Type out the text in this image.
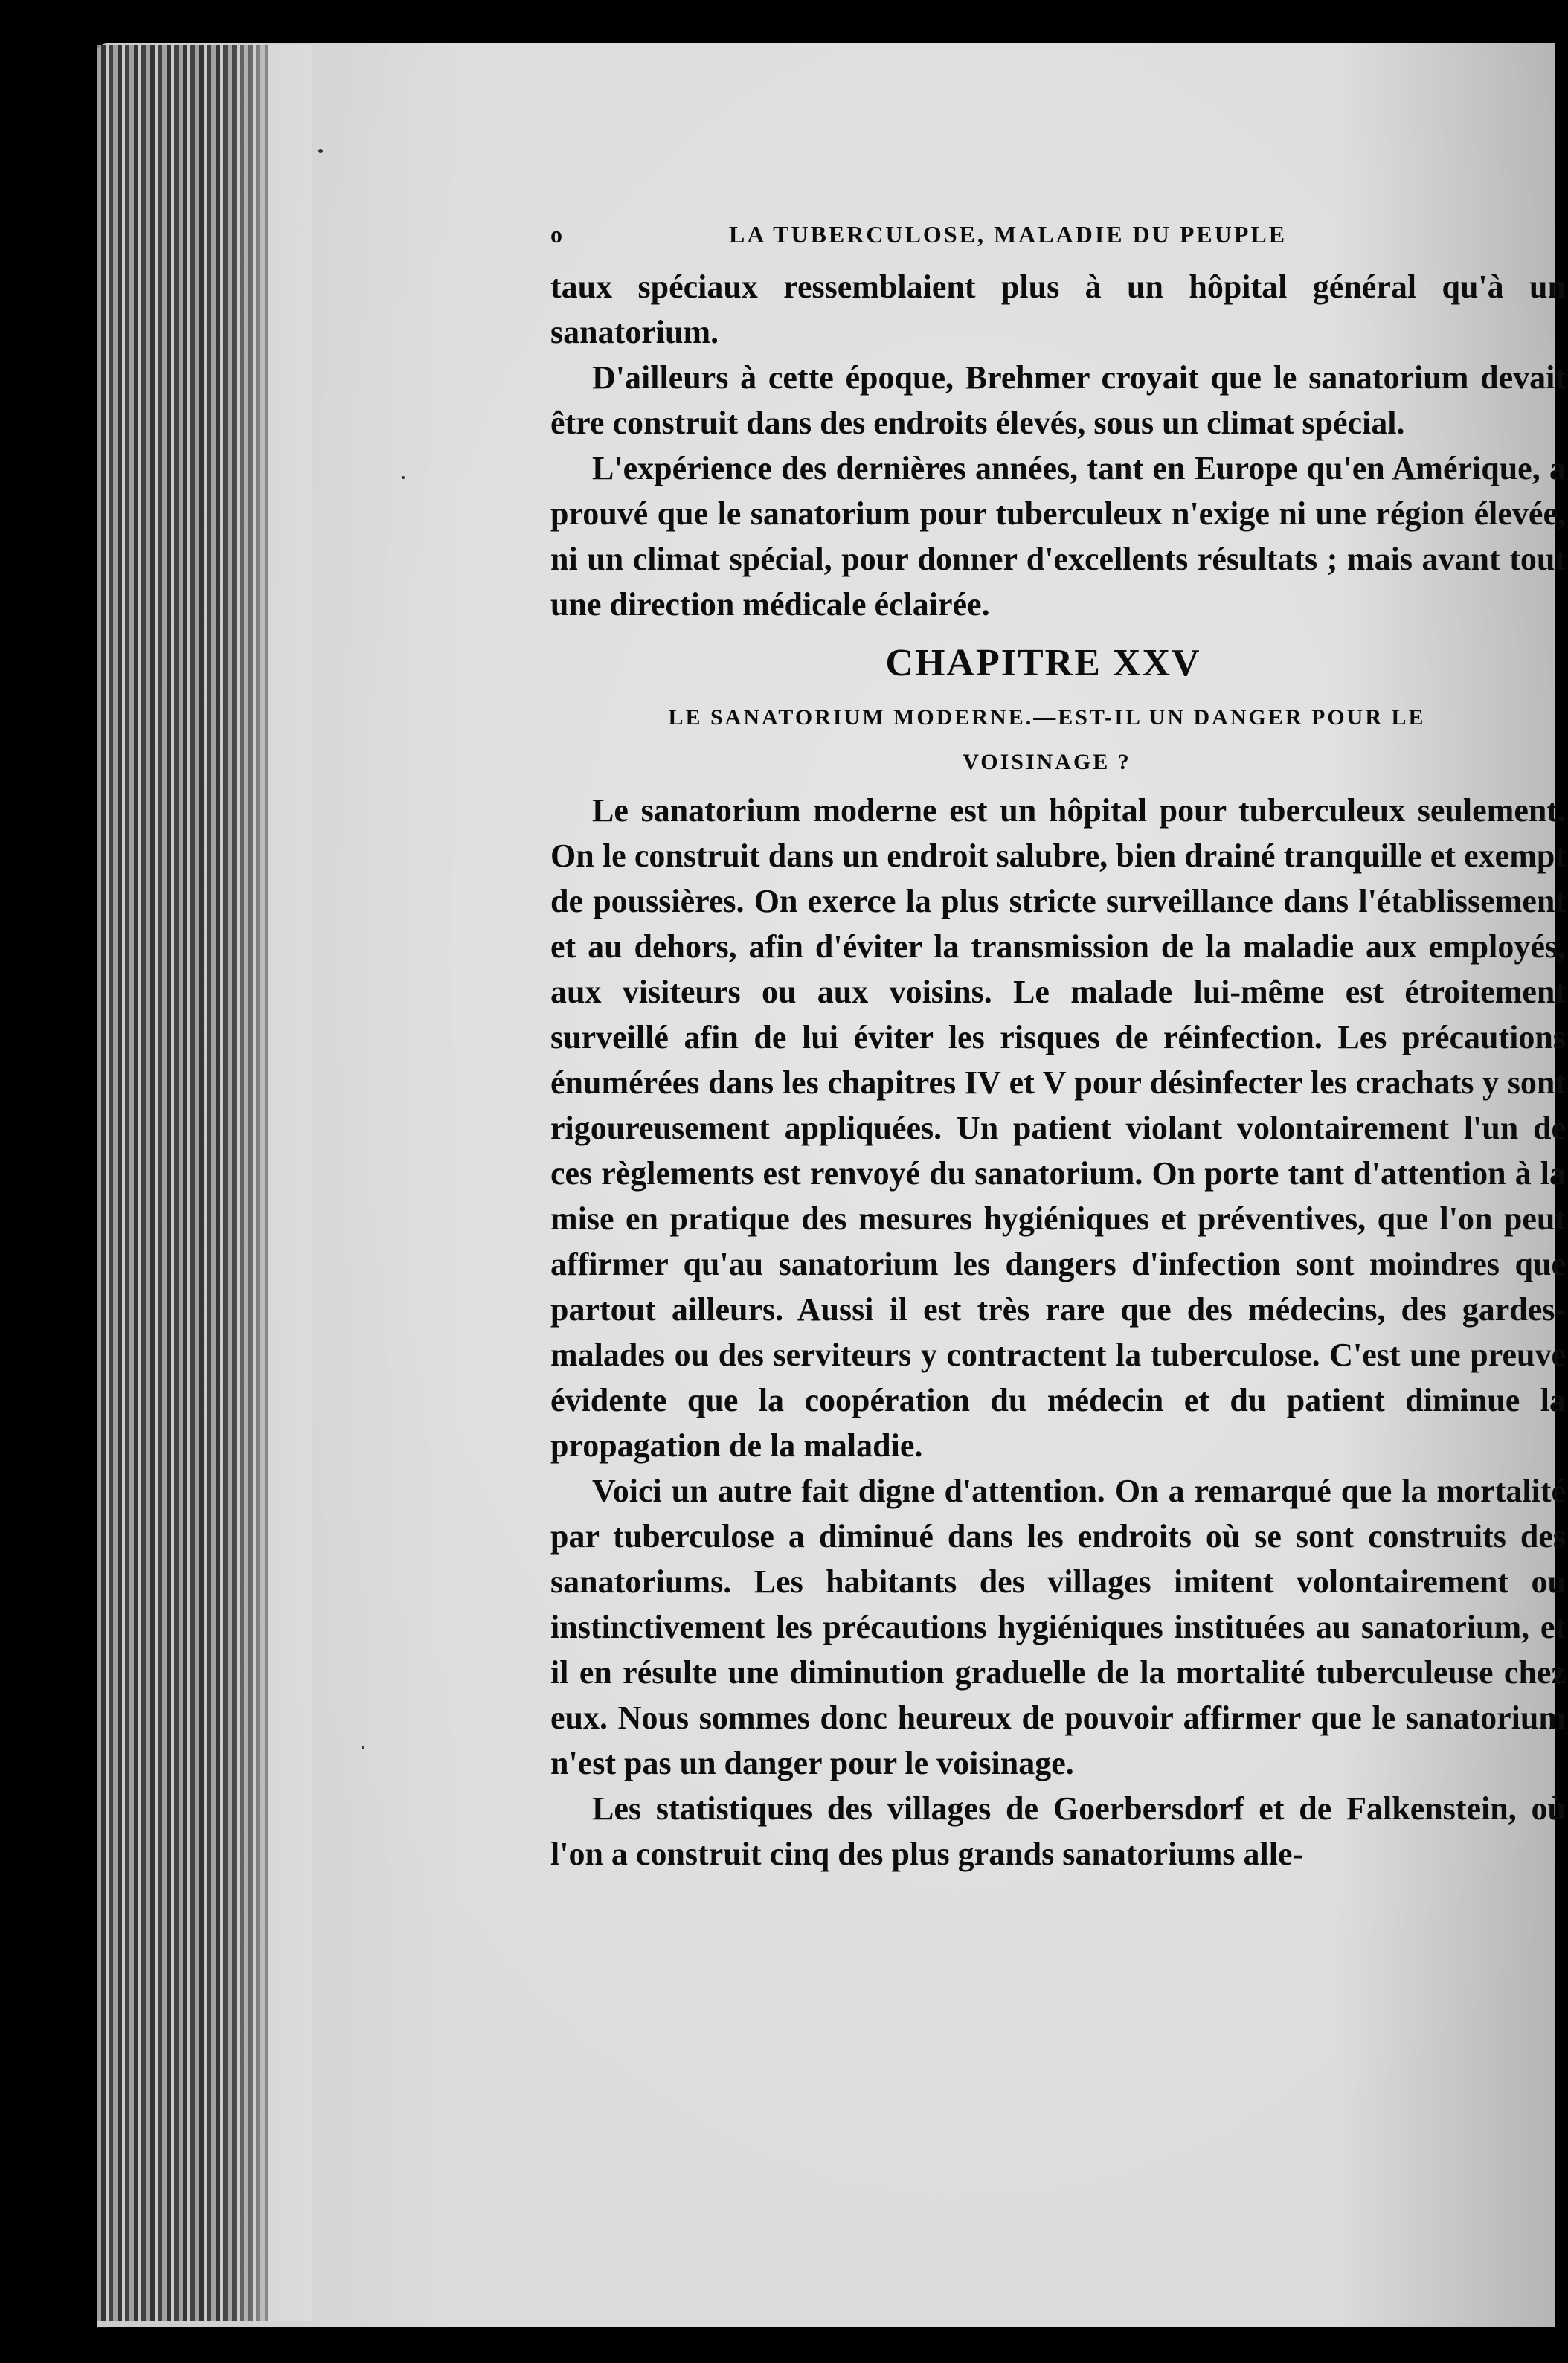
o	LA TUBERCULOSE, MALADIE DU PEUPLE

taux spéciaux ressemblaient plus à un hôpital général qu'à un sanatorium.

D'ailleurs à cette époque, Brehmer croyait que le sanatorium devait être construit dans des endroits élevés, sous un climat spécial.

L'expérience des dernières années, tant en Europe qu'en Amérique, a prouvé que le sanatorium pour tuberculeux n'exige ni une région élevée, ni un climat spécial, pour donner d'excellents résultats ; mais avant tout une direction médicale éclairée.

CHAPITRE XXV
LE SANATORIUM MODERNE.—EST-IL UN DANGER POUR LE
VOISINAGE ?

Le sanatorium moderne est un hôpital pour tuberculeux seulement. On le construit dans un endroit salubre, bien drainé tranquille et exempt de poussières. On exerce la plus stricte surveillance dans l'établissement et au dehors, afin d'éviter la transmission de la maladie aux employés, aux visiteurs ou aux voisins. Le malade lui-même est étroitement surveillé afin de lui éviter les risques de réinfection. Les précautions énumérées dans les chapitres IV et V pour désinfecter les crachats y sont rigoureusement appliquées. Un patient violant volontairement l'un de ces règlements est renvoyé du sanatorium. On porte tant d'attention à la mise en pratique des mesures hygiéniques et préventives, que l'on peut affirmer qu'au sanatorium les dangers d'infection sont moindres que partout ailleurs. Aussi il est très rare que des médecins, des gardes-malades ou des serviteurs y contractent la tuberculose. C'est une preuve évidente que la coopération du médecin et du patient diminue la propagation de la maladie.

Voici un autre fait digne d'attention. On a remarqué que la mortalité par tuberculose a diminué dans les endroits où se sont construits des sanatoriums. Les habitants des villages imitent volontairement ou instinctivement les précautions hygiéniques instituées au sanatorium, et il en résulte une diminution graduelle de la mortalité tuberculeuse chez eux. Nous sommes donc heureux de pouvoir affirmer que le sanatorium n'est pas un danger pour le voisinage.

Les statistiques des villages de Goerbersdorf et de Falkenstein, où l'on a construit cinq des plus grands sanatoriums alle-
